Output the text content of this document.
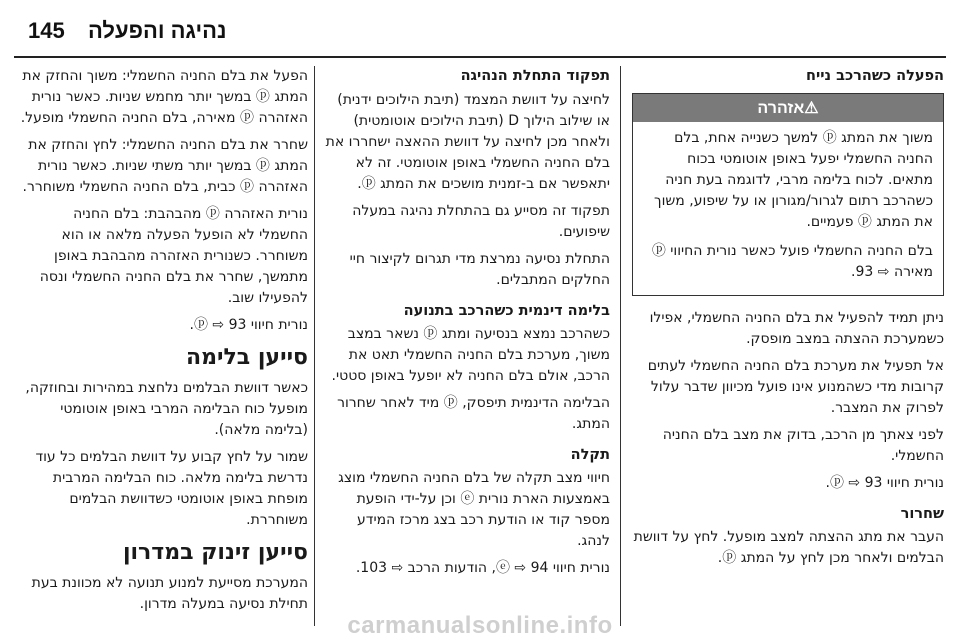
145 נהיגה והפעלה
הפעלה כשהרכב נייח
⚠אזהרה

משוך את המתג ⓟ למשך כשנייה אחת, בלם החניה החשמלי יפעל באופן אוטומטי בכוח מתאים. לכוח בלימה מרבי, לדוגמה בעת חניה כשהרכב רתום לגרור/מגורון או על שיפוע, משוך את המתג ⓟ פעמיים.

בלם החניה החשמלי פועל כאשר נורית החיווי ⓟ מאירה ⇨ 93.

ניתן תמיד להפעיל את בלם החניה החשמלי, אפילו כשמערכת ההצתה במצב מופסק.

אל תפעיל את מערכת בלם החניה החשמלי לעתים קרובות מדי כשהמנוע אינו פועל מכיוון שדבר עלול לפרוק את המצבר.

לפני צאתך מן הרכב, בדוק את מצב בלם החניה החשמלי.

נורית חיווי ⓟ ⇨ 93.

שחרור

העבר את מתג ההצתה למצב מופעל. לחץ על דוושת הבלמים ולאחר מכן לחץ על המתג ⓟ.

תפקוד התחלת הנהיגה

לחיצה על דוושת המצמד (תיבת הילוכים ידנית) או שילוב הילוך D (תיבת הילוכים אוטומטית) ולאחר מכן לחיצה על דוושת ההאצה ישחררו את בלם החניה החשמלי באופן אוטומטי. זה לא יתאפשר אם ב-זמנית מושכים את המתג ⓟ.

תפקוד זה מסייע גם בהתחלת נהיגה במעלה שיפועים.

התחלת נסיעה נמרצת מדי תגרום לקיצור חיי החלקים המתבלים.

בלימה דינמית כשהרכב בתנועה

כשהרכב נמצא בנסיעה ומתג ⓟ נשאר במצב משוך, מערכת בלם החניה החשמלי תאט את הרכב, אולם בלם החניה לא יופעל באופן סטטי.

הבלימה הדינמית תיפסק, ⓟ מיד לאחר שחרור המתג.

תקלה

חיווי מצב תקלה של בלם החניה החשמלי מוצג באמצעות הארת נורית ⓔ וכן על-ידי הופעת מספר קוד או הודעת רכב בצג מרכז המידע לנהג.

נורית חיווי ⓔ ⇨ 94, הודעות הרכב ⇨ 103.

הפעל את בלם החניה החשמלי: משוך והחזק את המתג ⓟ במשך יותר מחמש שניות. כאשר נורית האזהרה ⓟ מאירה, בלם החניה החשמלי מופעל.

שחרר את בלם החניה החשמלי: לחץ והחזק את המתג ⓟ במשך יותר משתי שניות. כאשר נורית האזהרה ⓟ כבית, בלם החניה החשמלי משוחרר.

נורית האזהרה ⓟ מהבהבת: בלם החניה החשמלי לא הופעל הפעלה מלאה או הוא משוחרר. כשנורית האזהרה מהבהבת באופן מתמשך, שחרר את בלם החניה החשמלי ונסה להפעילו שוב.

נורית חיווי ⓟ ⇨ 93.

סייען בלימה

כאשר דוושת הבלמים נלחצת במהירות ובחוזקה, מופעל כוח הבלימה המרבי באופן אוטומטי (בלימה מלאה).

שמור על לחץ קבוע על דוושת הבלמים כל עוד נדרשת בלימה מלאה. כוח הבלימה המרבית מופחת באופן אוטומטי כשדוושת הבלמים משוחררת.

סייען זינוק במדרון

המערכת מסייעת למנוע תנועה לא מכוונת בעת תחילת נסיעה במעלה מדרון.

carmanualsonline.info
